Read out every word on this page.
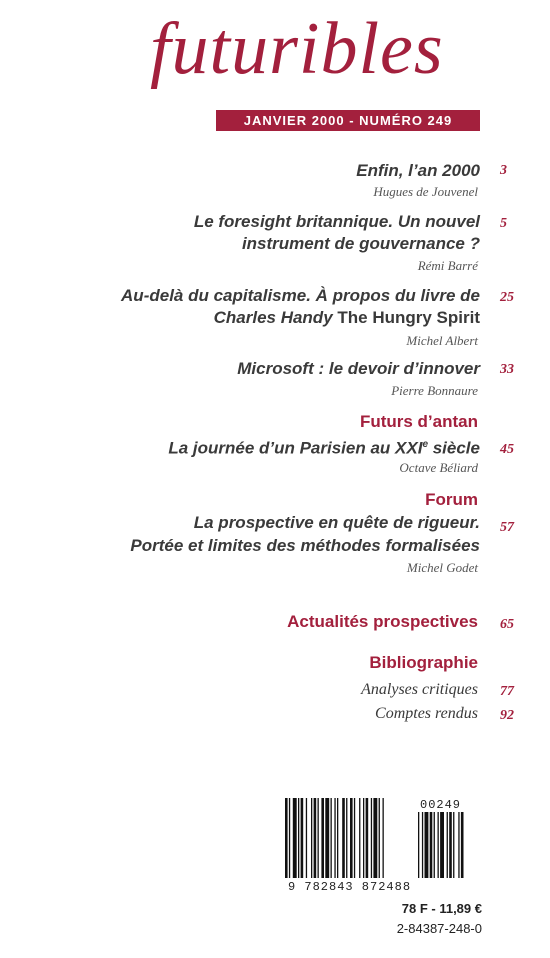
futuribles
JANVIER 2000 - NUMÉRO 249
Enfin, l’an 2000 3
Hugues de Jouvenel
Le foresight britannique. Un nouvel
instrument de gouvernance ?
5
Rémi Barré
Au-delà du capitalisme. À propos du livre de
Charles Handy The Hungry Spirit
25
Michel Albert
Microsoft : le devoir d’innover 33
Pierre Bonnaure
Futurs d’antan
La journée d’un Parisien au XXIe siècle 45
Octave Béliard
Forum
La prospective en quête de rigueur.
Portée et limites des méthodes formalisées
57
Michel Godet
Actualités prospectives 65
Bibliographie
Analyses critiques 77
Comptes rendus 92
00249
9 782843 872488
78 F - 11,89 €
2-84387-248-0
